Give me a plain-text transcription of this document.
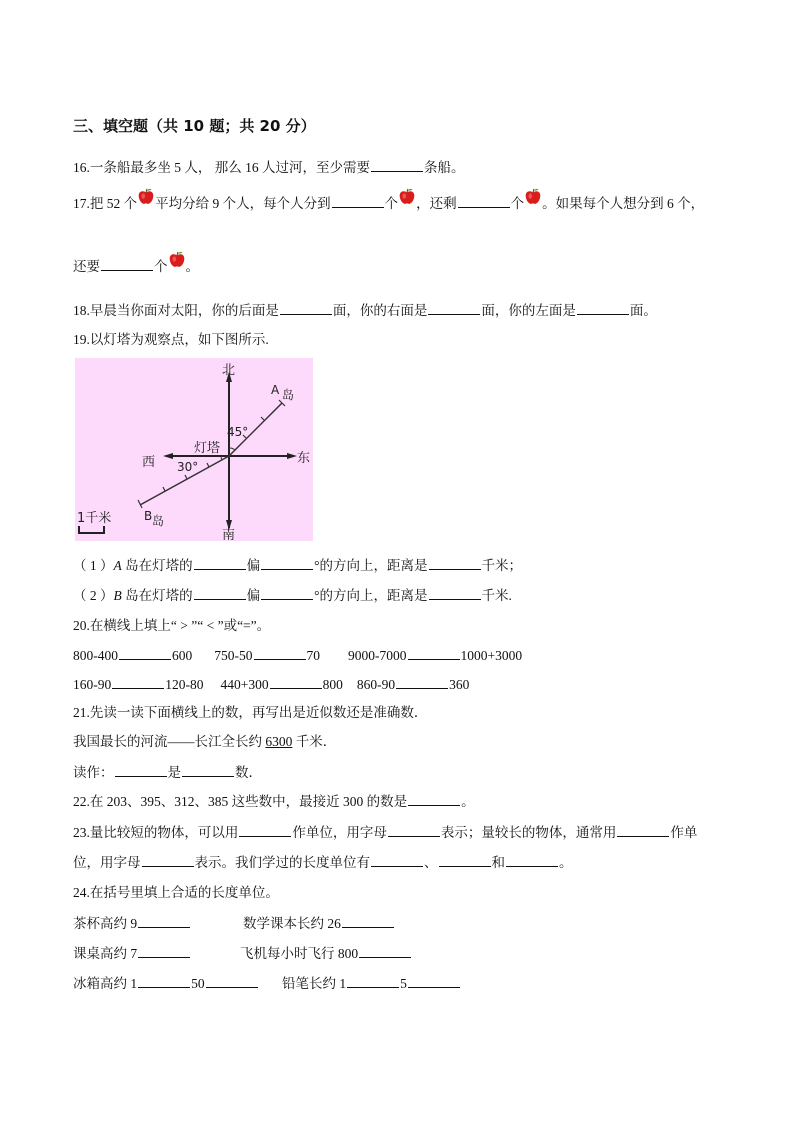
三、填空题（共 10 题；共 20 分）
16.一条船最多坐 5 人， 那么 16 人过河，至少需要	条船。
17.把 52 个 平均分给 9 个人，每个人分到	个 ，还剩	个 。如果每个人想分到 6 个，
还要	个 。
18.早晨当你面对太阳，你的后面是	面，你的右面是	面，你的左面是	面。
19.以灯塔为观察点，如下图所示.
北
南
东
西
灯塔
A 岛
B 岛
45°
30°
1千米
（ 1 ）A 岛在灯塔的	偏	°的方向上，距离是	千米；
（ 2 ）B 岛在灯塔的	偏	°的方向上，距离是	千米.
20.在横线上填上“ > ”“ < ”或“=”。
800-400	600 750-50	70 9000-7000	1000+3000
160-90	120-80 440+300	800 860-90	360
21.先读一读下面横线上的数，再写出是近似数还是准确数．
我国最长的河流——长江全长约 6300 千米．
读作：	是	数．
22.在 203、395、312、385 这些数中，最接近 300 的数是	。
23.量比较短的物体，可以用	作单位，用字母	表示；量较长的物体，通常用	作单
位，用字母	表示。我们学过的长度单位有	、	和	。
24.在括号里填上合适的长度单位。
茶杯高约 9	数学课本长约 26
课桌高约 7	飞机每小时飞行 800
冰箱高约 1	50	铅笔长约 1	5
